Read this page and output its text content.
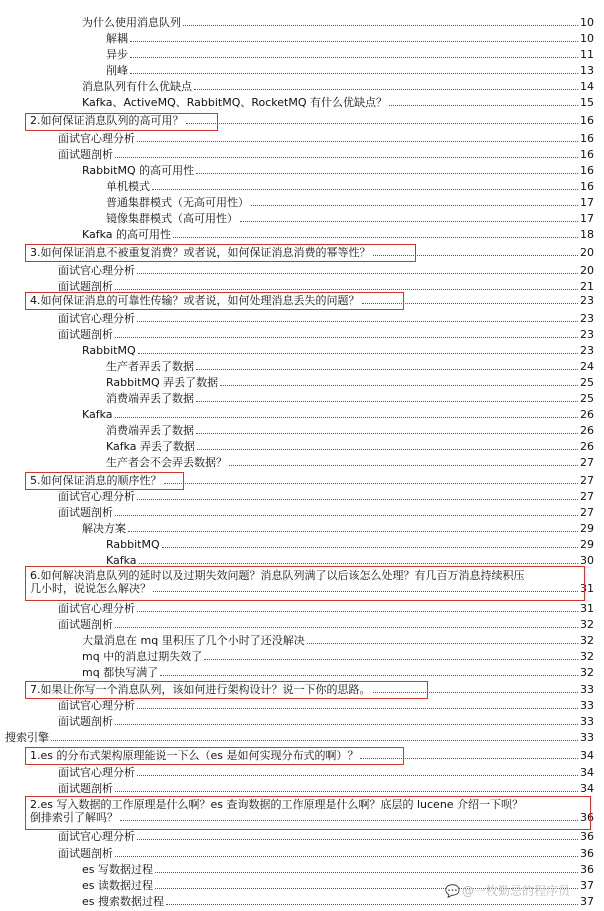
为什么使用消息队列	10
解耦	10
异步	11
削峰	13
消息队列有什么优缺点	14
Kafka、ActiveMQ、RabbitMQ、RocketMQ 有什么优缺点？	15
2.如何保证消息队列的高可用？	16
面试官心理分析	16
面试题剖析	16
RabbitMQ 的高可用性	16
单机模式	16
普通集群模式（无高可用性）	17
镜像集群模式（高可用性）	17
Kafka 的高可用性	18
3.如何保证消息不被重复消费？或者说，如何保证消息消费的幂等性？	20
面试官心理分析	20
面试题剖析	21
4.如何保证消息的可靠性传输？或者说，如何处理消息丢失的问题？	23
面试官心理分析	23
面试题剖析	23
RabbitMQ	23
生产者弄丢了数据	24
RabbitMQ 弄丢了数据	25
消费端弄丢了数据	25
Kafka	26
消费端弄丢了数据	26
Kafka 弄丢了数据	26
生产者会不会弄丢数据？	27
5.如何保证消息的顺序性？	27
面试官心理分析	27
面试题剖析	27
解决方案	29
RabbitMQ	29
Kafka	30
6.如何解决消息队列的延时以及过期失效问题？消息队列满了以后该怎么处理？有几百万消息持续积压
几小时，说说怎么解决？	31
面试官心理分析	31
面试题剖析	32
大量消息在 mq 里积压了几个小时了还没解决	32
mq 中的消息过期失效了	32
mq 都快写满了	32
7.如果让你写一个消息队列，该如何进行架构设计？说一下你的思路。	33
面试官心理分析	33
面试题剖析	33
搜索引擎	33
1.es 的分布式架构原理能说一下么（es 是如何实现分布式的啊）？	34
面试官心理分析	34
面试题剖析	34
2.es 写入数据的工作原理是什么啊？es 查询数据的工作原理是什么啊？底层的 lucene 介绍一下呗？
倒排索引了解吗？	36
面试官心理分析	36
面试题剖析	36
es 写数据过程	36
es 读数据过程	37
es 搜索数据过程	37
💬 @一枚勤忌的程序员
